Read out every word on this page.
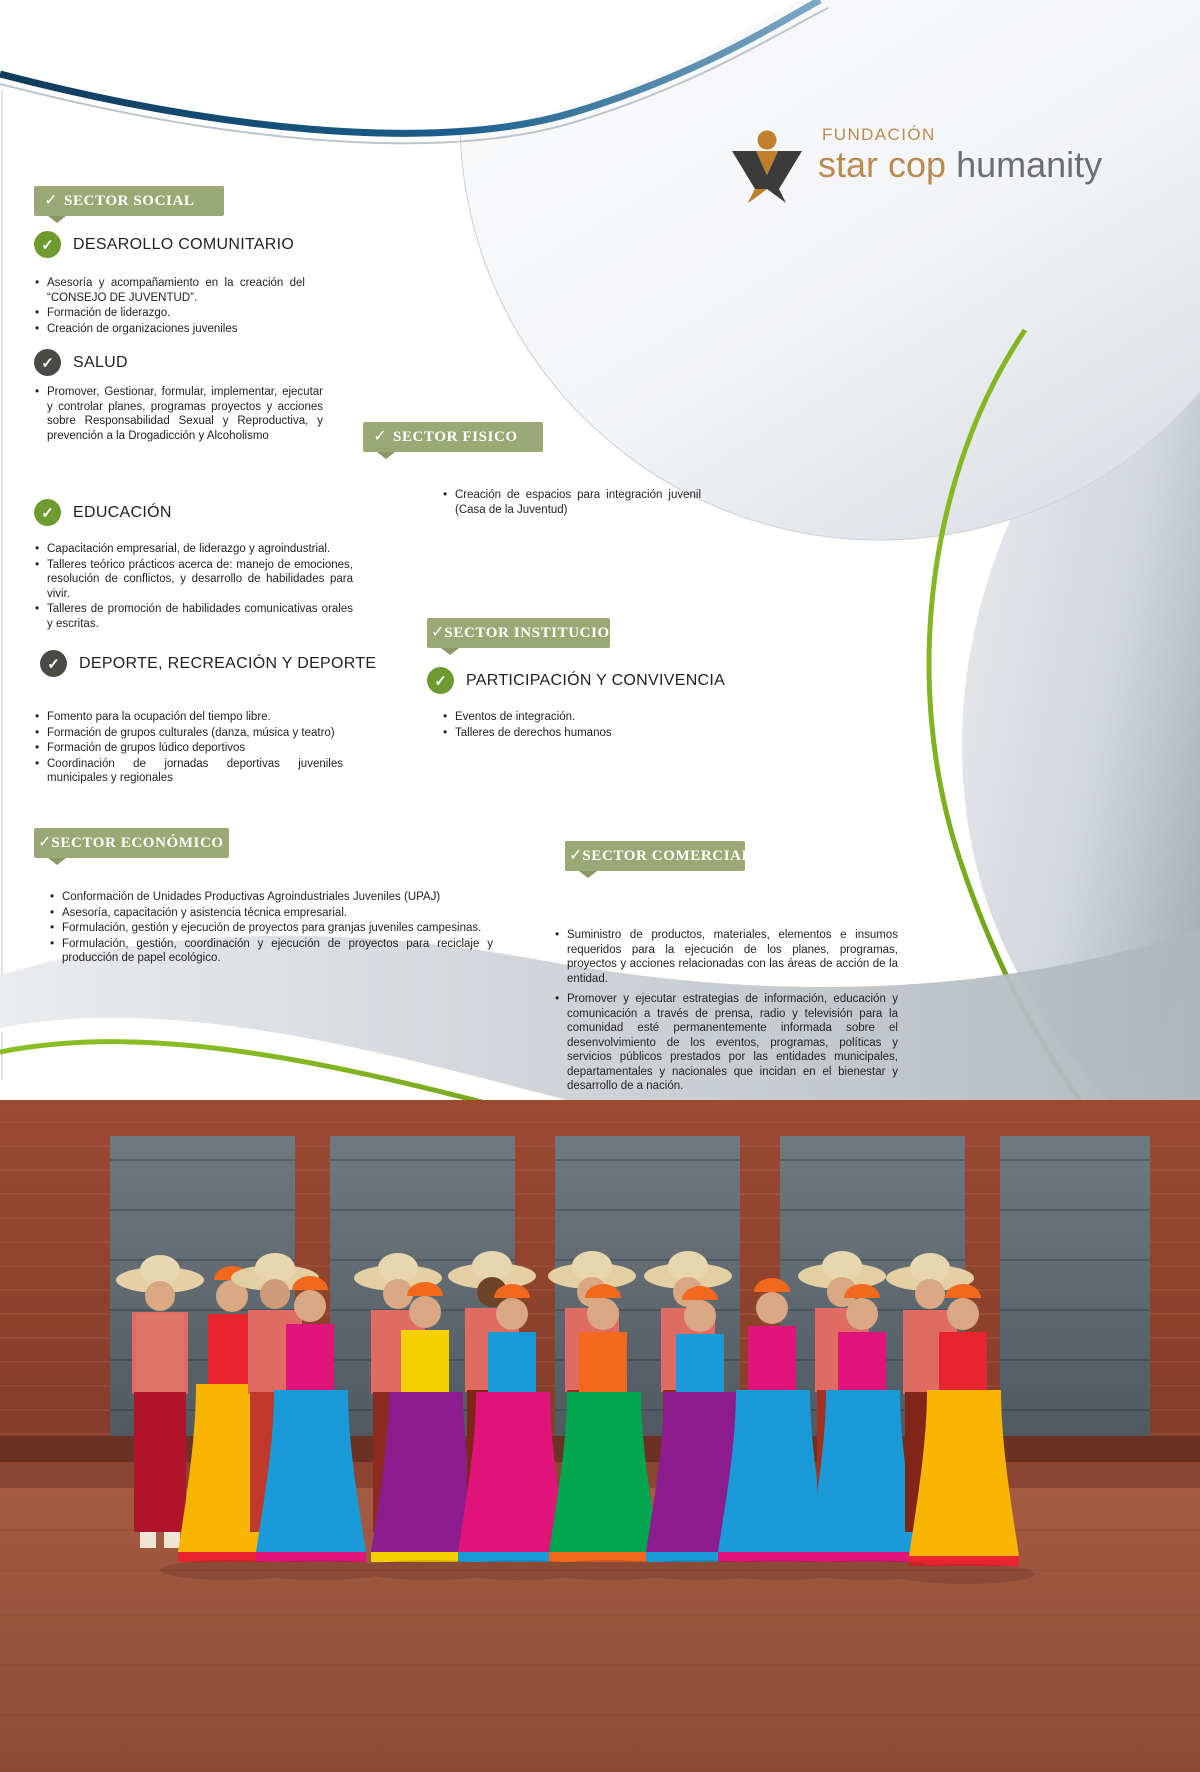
FUNDACIÓN
star cop humanity
✓ SECTOR SOCIAL
✓	DESAROLLO COMUNITARIO
• Asesoría y acompañamiento en la creación del “CONSEJO DE JUVENTUD”.
• Formación de liderazgo.
• Creación de organizaciones juveniles
✓	SALUD
• Promover, Gestionar, formular, implementar, ejecutar y controlar planes, programas proyectos y acciones sobre Responsabilidad Sexual y Reproductiva, y prevención a la Drogadicción y Alcoholismo
✓	EDUCACIÓN
• Capacitación empresarial, de liderazgo y agroindustrial.
• Talleres teórico prácticos acerca de: manejo de emociones, resolución de conflictos, y desarrollo de habilidades para vivir.
• Talleres de promoción de habilidades comunicativas orales y escritas.
✓	DEPORTE, RECREACIÓN Y DEPORTE
• Fomento para la ocupación del tiempo libre.
• Formación de grupos culturales (danza, música y teatro)
• Formación de grupos lúdico deportivos
• Coordinación de jornadas deportivas juveniles municipales y regionales
✓ SECTOR FISICO
• Creación de espacios para integración juvenil (Casa de la Juventud)
✓ SECTOR INSTITUCIONAL
✓	PARTICIPACIÓN Y CONVIVENCIA
• Eventos de integración.
• Talleres de derechos humanos
✓ SECTOR ECONÓMICO
• Conformación de Unidades Productivas Agroindustriales Juveniles (UPAJ)
• Asesoría, capacitación y asistencia técnica empresarial.
• Formulación, gestión y ejecución de proyectos para granjas juveniles campesinas.
• Formulación, gestión, coordinación y ejecución de proyectos para reciclaje y producción de papel ecológico.
✓ SECTOR COMERCIAL
• Suministro de productos, materiales, elementos e insumos requeridos para la ejecución de los planes, programas, proyectos y acciones relacionadas con las áreas de acción de la entidad.
• Promover y ejecutar estrategias de información, educación y comunicación a través de prensa, radio y televisión para la comunidad esté permanentemente informada sobre el desenvolvimiento de los eventos, programas, políticas y servicios públicos prestados por las entidades municipales, departamentales y nacionales que incidan en el bienestar y desarrollo de a nación.
